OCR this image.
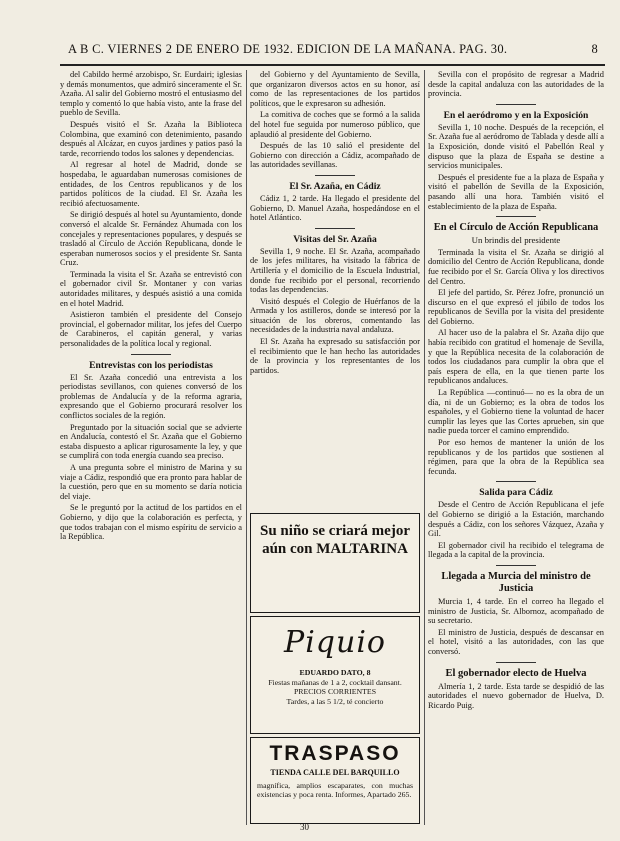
A B C. VIERNES 2 DE ENERO DE 1932. EDICION DE LA MAÑANA. PAG. 30.	8

del Cabildo hermé arzobispo, Sr. Eurdairi; iglesias y demás monumentos, que admiró sinceramente el Sr. Azaña. Al salir del Gobierno mostró el entusiasmo del templo y comentó lo que había visto, ante la frase del pueblo de Sevilla.

Después visitó el Sr. Azaña la Biblioteca Colombina, que examinó con detenimiento, pasando después al Alcázar, en cuyos jardines y patios pasó la tarde, recorriendo todos los salones y dependencias.

Al regresar al hotel de Madrid, donde se hospedaba, le aguardaban numerosas comisiones de entidades, de los Centros republicanos y de los partidos políticos de la ciudad. El Sr. Azaña les recibió afectuosamente.

Se dirigió después al hotel su Ayuntamiento, donde conversó el alcalde Sr. Fernández Ahumada con los concejales y representaciones populares, y después se trasladó al Círculo de Acción Republicana, donde le esperaban numerosos socios y el presidente Sr. Santa Cruz.

Terminada la visita el Sr. Azaña se entrevistó con el gobernador civil Sr. Montaner y con varias autoridades militares, y después asistió a una comida en el hotel Madrid.

Asistieron también el presidente del Consejo provincial, el gobernador militar, los jefes del Cuerpo de Carabineros, el capitán general, y varias personalidades de la política local y regional.

Entrevistas con los periodistas

El Sr. Azaña concedió una entrevista a los periodistas sevillanos, con quienes conversó de los problemas de Andalucía y de la reforma agraria, expresando que el Gobierno procurará resolver los conflictos sociales de la región.

Preguntado por la situación social que se advierte en Andalucía, contestó el Sr. Azaña que el Gobierno estaba dispuesto a aplicar rigurosamente la ley, y que se cumplirá con toda energía cuando sea preciso.

A una pregunta sobre el ministro de Marina y su viaje a Cádiz, respondió que era pronto para hablar de la cuestión, pero que en su momento se daría noticia del viaje.

Se le preguntó por la actitud de los partidos en el Gobierno, y dijo que la colaboración es perfecta, y que todos trabajan con el mismo espíritu de servicio a la República.

del Gobierno y del Ayuntamiento de Sevilla, que organizaron diversos actos en su honor, así como de las representaciones de los partidos políticos, que le expresaron su adhesión.

La comitiva de coches que se formó a la salida del hotel fue seguida por numeroso público, que aplaudió al presidente del Gobierno.

Después de las 10 salió el presidente del Gobierno con dirección a Cádiz, acompañado de las autoridades sevillanas.

El Sr. Azaña, en Cádiz

Cádiz 1, 2 tarde. Ha llegado el presidente del Gobierno, D. Manuel Azaña, hospedándose en el hotel Atlántico.

Visitas del Sr. Azaña

Sevilla 1, 9 noche. El Sr. Azaña, acompañado de los jefes militares, ha visitado la fábrica de Artillería y el domicilio de la Escuela Industrial, donde fue recibido por el personal, recorriendo todas las dependencias.

Visitó después el Colegio de Huérfanos de la Armada y los astilleros, donde se interesó por la situación de los obreros, comentando las necesidades de la industria naval andaluza.

El Sr. Azaña ha expresado su satisfacción por el recibimiento que le han hecho las autoridades de la provincia y los representantes de los partidos.

Su niño se criará mejor
aún con MALTARINA
Piquio
EDUARDO DATO, 8
Fiestas mañanas de 1 a 2, cocktail dansant.
PRECIOS CORRIENTES
Tardes, a las 5 1/2, té concierto
TRASPASO
TIENDA CALLE DEL BARQUILLO
magnífica, amplios escaparates, con muchas existencias y poca renta. Informes, Apartado 265.

Sevilla con el propósito de regresar a Madrid desde la capital andaluza con las autoridades de la provincia.

En el aeródromo y en la Exposición

Sevilla 1, 10 noche. Después de la recepción, el Sr. Azaña fue al aeródromo de Tablada y desde allí a la Exposición, donde visitó el Pabellón Real y dispuso que la plaza de España se destine a servicios municipales.

Después el presidente fue a la plaza de España y visitó el pabellón de Sevilla de la Exposición, pasando allí una hora. También visitó el establecimiento de la plaza de España.

En el Círculo de Acción Republicana
Un brindis del presidente

Terminada la visita el Sr. Azaña se dirigió al domicilio del Centro de Acción Republicana, donde fue recibido por el Sr. García Oliva y los directivos del Centro.

El jefe del partido, Sr. Pérez Jofre, pronunció un discurso en el que expresó el júbilo de todos los republicanos de Sevilla por la visita del presidente del Gobierno.

Al hacer uso de la palabra el Sr. Azaña dijo que había recibido con gratitud el homenaje de Sevilla, y que la República necesita de la colaboración de todos los ciudadanos para cumplir la obra que el país espera de ella, en la que tienen parte los republicanos andaluces.

La República —continuó— no es la obra de un día, ni de un Gobierno; es la obra de todos los españoles, y el Gobierno tiene la voluntad de hacer cumplir las leyes que las Cortes aprueben, sin que nadie pueda torcer el camino emprendido.

Por eso hemos de mantener la unión de los republicanos y de los partidos que sostienen al régimen, para que la obra de la República sea fecunda.

Salida para Cádiz

Desde el Centro de Acción Republicana el jefe del Gobierno se dirigió a la Estación, marchando después a Cádiz, con los señores Vázquez, Azaña y Gil.

El gobernador civil ha recibido el telegrama de llegada a la capital de la provincia.

Llegada a Murcia del ministro de Justicia

Murcia 1, 4 tarde. En el correo ha llegado el ministro de Justicia, Sr. Albornoz, acompañado de su secretario.

El ministro de Justicia, después de descansar en el hotel, visitó a las autoridades, con las que conversó.

El gobernador electo de Huelva

Almería 1, 2 tarde. Esta tarde se despidió de las autoridades el nuevo gobernador de Huelva, D. Ricardo Puig.

30
